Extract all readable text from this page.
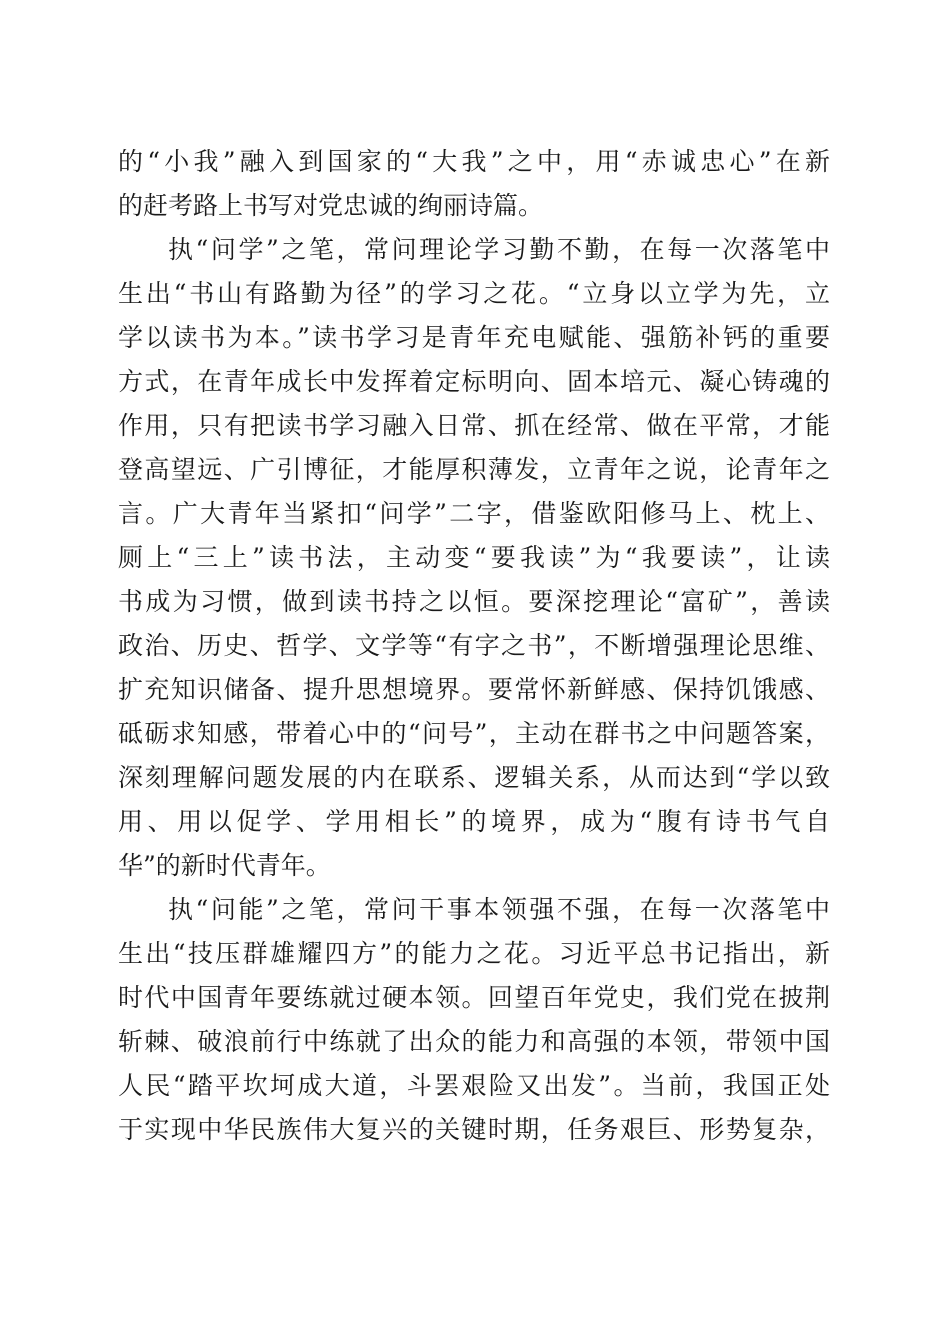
的“小我”融入到国家的“大我”之中，用“赤诚忠心”在新
的赶考路上书写对党忠诚的绚丽诗篇。
执“问学”之笔，常问理论学习勤不勤，在每一次落笔中
生出“书山有路勤为径”的学习之花。“立身以立学为先，立
学以读书为本。”读书学习是青年充电赋能、强筋补钙的重要
方式，在青年成长中发挥着定标明向、固本培元、凝心铸魂的
作用，只有把读书学习融入日常、抓在经常、做在平常，才能
登高望远、广引博征，才能厚积薄发，立青年之说，论青年之
言。广大青年当紧扣“问学”二字，借鉴欧阳修马上、枕上、
厕上“三上”读书法，主动变“要我读”为“我要读”，让读
书成为习惯，做到读书持之以恒。要深挖理论“富矿”，善读
政治、历史、哲学、文学等“有字之书”，不断增强理论思维、
扩充知识储备、提升思想境界。要常怀新鲜感、保持饥饿感、
砥砺求知感，带着心中的“问号”，主动在群书之中问题答案，
深刻理解问题发展的内在联系、逻辑关系，从而达到“学以致
用、用以促学、学用相长”的境界，成为“腹有诗书气自
华”的新时代青年。
执“问能”之笔，常问干事本领强不强，在每一次落笔中
生出“技压群雄耀四方”的能力之花。习近平总书记指出，新
时代中国青年要练就过硬本领。回望百年党史，我们党在披荆
斩棘、破浪前行中练就了出众的能力和高强的本领，带领中国
人民“踏平坎坷成大道，斗罢艰险又出发”。当前，我国正处
于实现中华民族伟大复兴的关键时期，任务艰巨、形势复杂，
